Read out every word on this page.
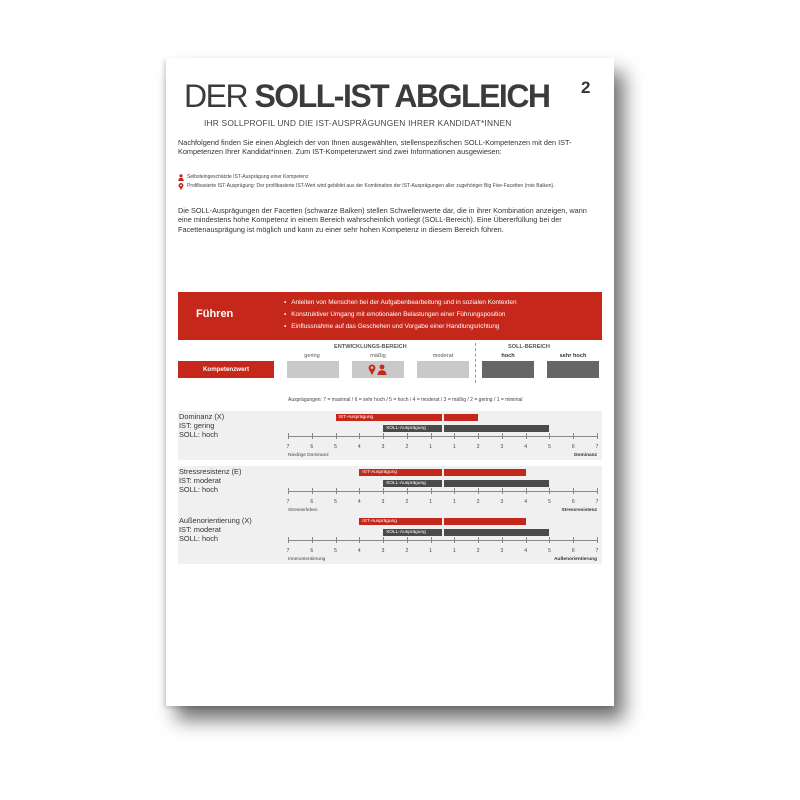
DER SOLL-IST ABGLEICH 2
IHR SOLLPROFIL UND DIE IST-AUSPRÄGUNGEN IHRER KANDIDAT*INNEN
Nachfolgend finden Sie einen Abgleich der von Ihnen ausgewählten, stellenspezifischen SOLL-Kompetenzen mit den IST-Kompetenzen Ihrer Kandidat*innen. Zum IST-Kompetenzwert sind zwei Informationen ausgewiesen:
Selbsteingeschätzte IST-Ausprägung einer Kompetenz
Profilbasierte IST-Ausprägung: Der profilbasierte IST-Wert wird gebildet aus der Kombination der IST-Ausprägungen aller zugehöriger Big Five-Facetten (rote Balken).
Die SOLL-Ausprägungen der Facetten (schwarze Balken) stellen Schwellenwerte dar, die in ihrer Kombination anzeigen, wann eine mindestens hohe Kompetenz in einem Bereich wahrscheinlich vorliegt (SOLL-Bereich). Eine Übererfüllung bei der Facettenausprägung ist möglich und kann zu einer sehr hohen Kompetenz in diesem Bereich führen.
Führen
▪ Anleiten von Menschen bei der Aufgabenbearbeitung und in sozialen Kontexten
▪ Konstruktiver Umgang mit emotionalen Belastungen einer Führungsposition
▪ Einflussnahme auf das Geschehen und Vorgabe einer Handlungsrichtung
ENTWICKLUNGS-BEREICH	SOLL-BEREICH
gering	mäßig	moderat	hoch	sehr hoch
Kompetenzwert
Ausprägungen: 7 = maximal / 6 = sehr hoch / 5 = hoch / 4 = moderat / 3 = mäßig / 2 = gering / 1 = minimal
Dominanz (X)
IST: gering
SOLL: hoch
IST-Ausprägung
SOLL-Ausprägung
7	6	5	4	3	2	1	1	2	3	4	5	6	7
Niedrige Dominanz	Dominanz
Stressresistenz (E)
IST: moderat
SOLL: hoch
IST-Ausprägung
SOLL-Ausprägung
7	6	5	4	3	2	1	1	2	3	4	5	6	7
Stresserleben	Stressresistenz
Außenorientierung (X)
IST: moderat
SOLL: hoch
IST-Ausprägung
SOLL-Ausprägung
7	6	5	4	3	2	1	1	2	3	4	5	6	7
Innenorientierung	Außenorientierung
